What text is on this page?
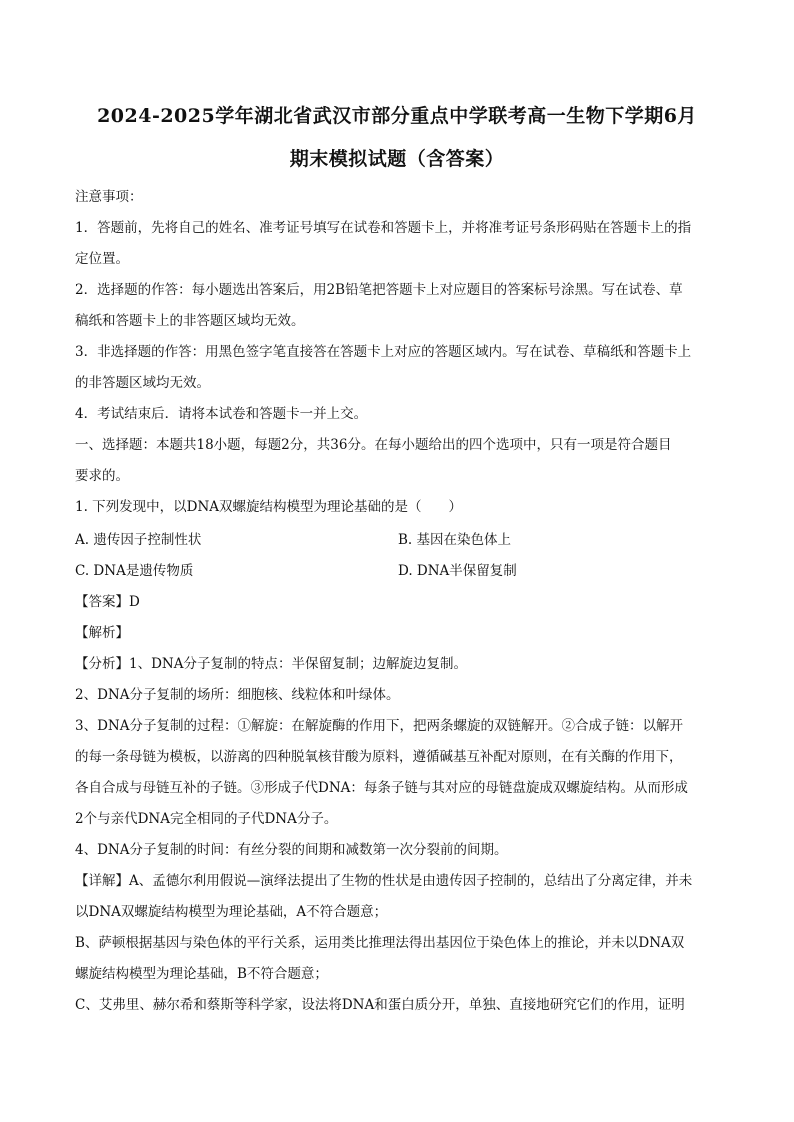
2024-2025学年湖北省武汉市部分重点中学联考高一生物下学期6月
期末模拟试题（含答案）
注意事项：
1．答题前，先将自己的姓名、准考证号填写在试卷和答题卡上，并将准考证号条形码贴在答题卡上的指
定位置。
2．选择题的作答：每小题选出答案后，用2B铅笔把答题卡上对应题目的答案标号涂黑。写在试卷、草
稿纸和答题卡上的非答题区域均无效。
3．非选择题的作答：用黑色签字笔直接答在答题卡上对应的答题区域内。写在试卷、草稿纸和答题卡上
的非答题区域均无效。
4．考试结束后．请将本试卷和答题卡一并上交。
一、选择题：本题共18小题，每题2分，共36分。在每小题给出的四个选项中，只有一项是符合题目
要求的。
1. 下列发现中，以DNA双螺旋结构模型为理论基础的是（　　）
A. 遗传因子控制性状	B. 基因在染色体上
C. DNA是遗传物质	D. DNA半保留复制
【答案】D
【解析】
【分析】1、DNA分子复制的特点：半保留复制；边解旋边复制。
2、DNA分子复制的场所：细胞核、线粒体和叶绿体。
3、DNA分子复制的过程：①解旋：在解旋酶的作用下，把两条螺旋的双链解开。②合成子链：以解开
的每一条母链为模板，以游离的四种脱氧核苷酸为原料，遵循碱基互补配对原则，在有关酶的作用下，
各自合成与母链互补的子链。③形成子代DNA：每条子链与其对应的母链盘旋成双螺旋结构。从而形成
2个与亲代DNA完全相同的子代DNA分子。
4、DNA分子复制的时间：有丝分裂的间期和减数第一次分裂前的间期。
【详解】A、孟德尔利用假说—演绎法提出了生物的性状是由遗传因子控制的，总结出了分离定律，并未
以DNA双螺旋结构模型为理论基础，A不符合题意；
B、萨顿根据基因与染色体的平行关系，运用类比推理法得出基因位于染色体上的推论，并未以DNA双
螺旋结构模型为理论基础，B不符合题意；
C、艾弗里、赫尔希和蔡斯等科学家，设法将DNA和蛋白质分开，单独、直接地研究它们的作用，证明
